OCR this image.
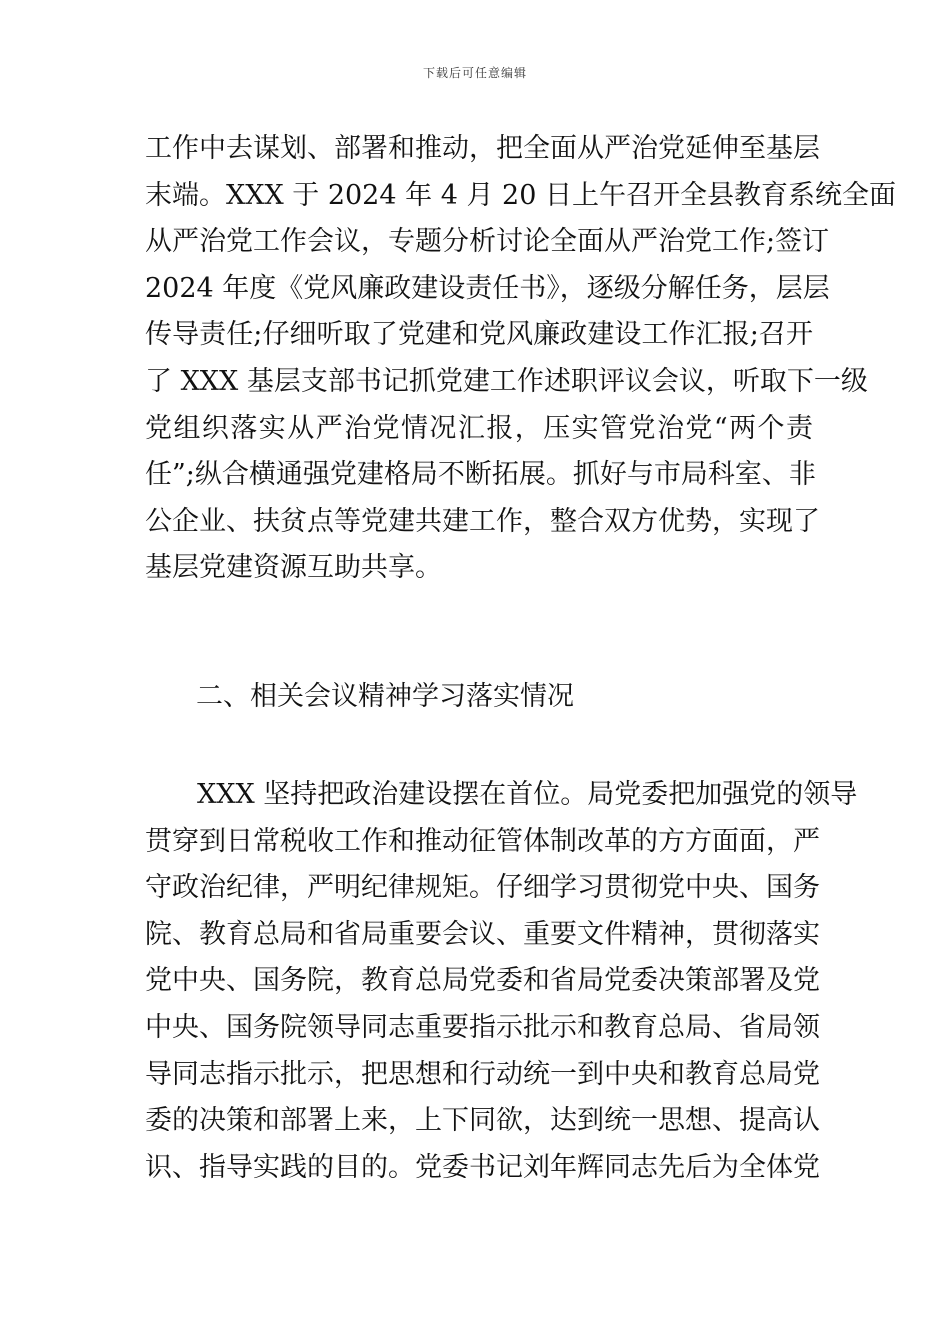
下载后可任意编辑
工作中去谋划、部署和推动，把全面从严治党延伸至基层
末端。XXX 于 2024 年 4 月 20 日上午召开全县教育系统全面
从严治党工作会议，专题分析讨论全面从严治党工作;签订
2024 年度《党风廉政建设责任书》，逐级分解任务，层层
传导责任;仔细听取了党建和党风廉政建设工作汇报;召开
了 XXX 基层支部书记抓党建工作述职评议会议，听取下一级
党组织落实从严治党情况汇报，压实管党治党“两个责
任”;纵合横通强党建格局不断拓展。抓好与市局科室、非
公企业、扶贫点等党建共建工作，整合双方优势，实现了
基层党建资源互助共享。
二、相关会议精神学习落实情况
XXX 坚持把政治建设摆在首位。局党委把加强党的领导
贯穿到日常税收工作和推动征管体制改革的方方面面，严
守政治纪律，严明纪律规矩。仔细学习贯彻党中央、国务
院、教育总局和省局重要会议、重要文件精神，贯彻落实
党中央、国务院，教育总局党委和省局党委决策部署及党
中央、国务院领导同志重要指示批示和教育总局、省局领
导同志指示批示，把思想和行动统一到中央和教育总局党
委的决策和部署上来，上下同欲，达到统一思想、提高认
识、指导实践的目的。党委书记刘年辉同志先后为全体党
